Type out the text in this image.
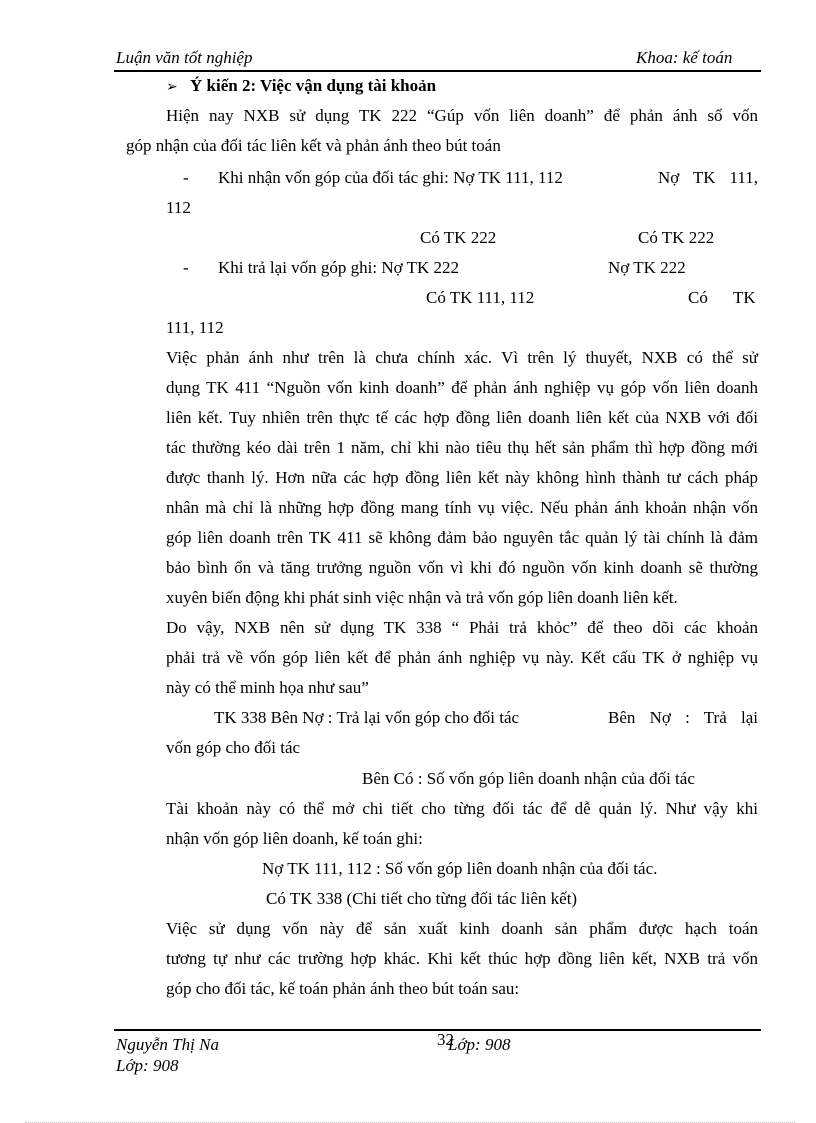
Luận văn tốt nghiệp	Khoa: kế toán
➢ Ý kiến 2: Việc vận dụng tài khoản
Hiện nay NXB sử dụng TK 222 “Gúp vốn liên doanh” để phản ánh số vốn
góp nhận của đối tác liên kết và phản ánh theo bút toán
- Khi nhận vốn góp của đối tác ghi: Nợ TK 111, 112	Nợ TK 111,
112
Có TK 222	Có TK 222
- Khi trả lại vốn góp ghi: Nợ TK 222	Nợ TK 222
Có TK 111, 112	Có TK
111, 112
Việc phản ánh như trên là chưa chính xác. Vì trên lý thuyết, NXB có thể sử
dụng TK 411 “Nguồn vốn kinh doanh” để phản ánh nghiệp vụ góp vốn liên doanh
liên kết. Tuy nhiên trên thực tế các hợp đồng liên doanh liên kết của NXB với đối
tác thường kéo dài trên 1 năm, chỉ khi nào tiêu thụ hết sản phẩm thì hợp đồng mới
được thanh lý. Hơn nữa các hợp đồng liên kết này không hình thành tư cách pháp
nhân mà chỉ là những hợp đồng mang tính vụ việc. Nếu phản ánh khoản nhận vốn
góp liên doanh trên TK 411 sẽ không đảm bảo nguyên tắc quản lý tài chính là đảm
bảo bình ổn và tăng trưởng nguồn vốn vì khi đó nguồn vốn kinh doanh sẽ thường
xuyên biến động khi phát sinh việc nhận và trả vốn góp liên doanh liên kết.
Do vậy, NXB nên sử dụng TK 338 “ Phải trả khỏc” để theo dõi các khoản
phải trả về vốn góp liên kết để phản ánh nghiệp vụ này. Kết cấu TK ở nghiệp vụ
này có thể minh họa như sau”
TK 338 Bên Nợ : Trả lại vốn góp cho đối tác	Bên Nợ : Trả lại
vốn góp cho đối tác
Bên Có : Số vốn góp liên doanh nhận của đối tác
Tài khoản này có thể mở chi tiết cho từng đối tác để dễ quản lý. Như vậy khi
nhận vốn góp liên doanh, kế toán ghi:
Nợ TK 111, 112 : Số vốn góp liên doanh nhận của đối tác.
Có TK 338 (Chi tiết cho từng đối tác liên kết)
Việc sử dụng vốn này để sản xuất kinh doanh sản phẩm được hạch toán
tương tự như các trường hợp khác. Khi kết thúc hợp đồng liên kết, NXB trả vốn
góp cho đối tác, kế toán phản ánh theo bút toán sau:
Nguyễn Thị Na	32
Lớp: 908
Lớp: 908
